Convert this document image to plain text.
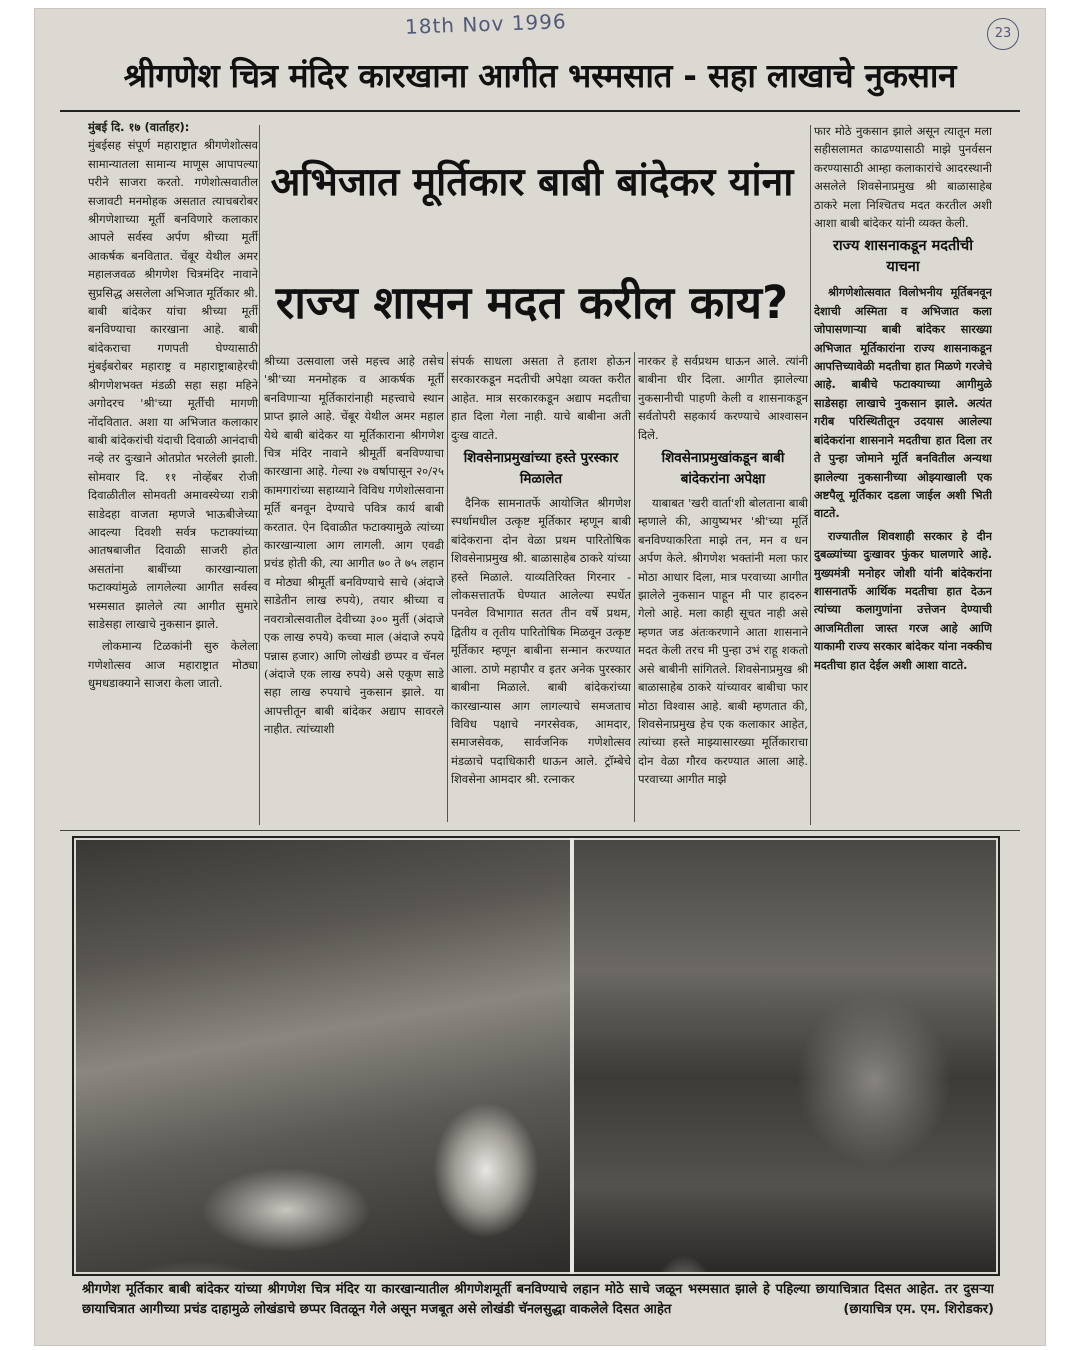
18th Nov 1996	23
श्रीगणेश चित्र मंदिर कारखाना आगीत भस्मसात - सहा लाखाचे नुकसान
मुंबई दि. १७ (वार्ताहर):

मुंबईसह संपूर्ण महाराष्ट्रात श्रीगणेशोत्सव सामान्यातला सामान्य माणूस आपापल्या परीने साजरा करतो. गणेशोत्सवातील सजावटी मनमोहक असतात त्याचबरोबर श्रीगणेशाच्या मूर्ती बनविणारे कलाकार आपले सर्वस्व अर्पण श्रीच्या मूर्ती आकर्षक बनवितात. चेंबूर येथील अमर महालजवळ श्रीगणेश चित्रमंदिर नावाने सुप्रसिद्ध असलेला अभिजात मूर्तिकार श्री. बाबी बांदेकर यांचा श्रीच्या मूर्ती बनविण्याचा कारखाना आहे. बाबी बांदेकराचा गणपती घेण्यासाठी मुंबईबरोबर महाराष्ट्र व महाराष्ट्राबाहेरची श्रीगणेशभक्त मंडळी सहा सहा महिने अगोदरच 'श्री'च्या मूर्तीची मागणी नोंदवितात. अशा या अभिजात कलाकार बाबी बांदेकरांची यंदाची दिवाळी आनंदाची नव्हे तर दुःखाने ओतप्रोत भरलेली झाली. सोमवार दि. ११ नोव्हेंबर रोजी दिवाळीतील सोमवती अमावस्येच्या रात्री साडेदहा वाजता म्हणजे भाऊबीजेच्या आदल्या दिवशी सर्वत्र फटाक्यांच्या आतषबाजीत दिवाळी साजरी होत असतांना बाबींच्या कारखान्याला फटाक्यांमुळे लागलेल्या आगीत सर्वस्व भस्मसात झालेले त्या आगीत सुमारे साडेसहा लाखाचे नुकसान झाले.

लोकमान्य टिळकांनी सुरु केलेला गणेशोत्सव आज महाराष्ट्रात मोठ्या धुमधडाक्याने साजरा केला जातो.

अभिजात मूर्तिकार बाबी बांदेकर यांना
राज्य शासन मदत करील काय?

श्रीच्या उत्सवाला जसे महत्त्व आहे तसेच 'श्री'च्या मनमोहक व आकर्षक मूर्ती बनविणाऱ्या मूर्तिकारांनाही महत्त्वाचे स्थान प्राप्त झाले आहे. चेंबूर येथील अमर महाल येथे बाबी बांदेकर या मूर्तिकाराना श्रीगणेश चित्र मंदिर नावाने श्रीमूर्ती बनविण्याचा कारखाना आहे. गेल्या २७ वर्षापासून २०/२५ कामगारांच्या सहाय्याने विविध गणेशोत्सवाना मूर्ति बनवून देण्याचे पवित्र कार्य बाबी करतात. ऐन दिवाळीत फटाक्यामुळे त्यांच्या कारखान्याला आग लागली. आग एवढी प्रचंड होती की, त्या आगीत ७० ते ७५ लहान व मोठ्या श्रीमूर्ती बनविण्याचे साचे (अंदाजे साडेतीन लाख रुपये), तयार श्रीच्या व नवरात्रोत्सवातील देवीच्या ३०० मुर्ती (अंदाजे एक लाख रुपये) कच्चा माल (अंदाजे रुपये पन्नास हजार) आणि लोखंडी छप्पर व चॅनल (अंदाजे एक लाख रुपये) असे एकूण साडे सहा लाख रुपयाचे नुकसान झाले. या आपत्तीतून बाबी बांदेकर अद्याप सावरले नाहीत. त्यांच्याशी

संपर्क साधला असता ते हताश होऊन सरकारकडून मदतीची अपेक्षा व्यक्त करीत आहेत. मात्र सरकारकडून अद्याप मदतीचा हात दिला गेला नाही. याचे बाबीना अती दुःख वाटते.

शिवसेनाप्रमुखांच्या हस्ते पुरस्कार मिळालेत

दैनिक सामनातर्फे आयोजित श्रीगणेश स्पर्धामधील उत्कृष्ट मूर्तिकार म्हणून बाबी बांदेकराना दोन वेळा प्रथम पारितोषिक शिवसेनाप्रमुख श्री. बाळासाहेब ठाकरे यांच्या हस्ते मिळाले. याव्यतिरिक्त गिरनार - लोकसत्तातर्फे घेण्यात आलेल्या स्पर्धेत पनवेल विभागात सतत तीन वर्षे प्रथम, द्वितीय व तृतीय पारितोषिक मिळवून उत्कृष्ट मूर्तिकार म्हणून बाबीना सन्मान करण्यात आला. ठाणे महापौर व इतर अनेक पुरस्कार बाबीना मिळाले. बाबी बांदेकरांच्या कारखान्यास आग लागल्याचे समजताच विविध पक्षाचे नगरसेवक, आमदार, समाजसेवक, सार्वजनिक गणेशोत्सव मंडळाचे पदाधिकारी धाऊन आले. ट्रॉम्बेचे शिवसेना आमदार श्री. रत्नाकर

नारकर हे सर्वप्रथम धाऊन आले. त्यांनी बाबीना धीर दिला. आगीत झालेल्या नुकसानीची पाहणी केली व शासनाकडून सर्वतोपरी सहकार्य करण्याचे आश्वासन दिले.

शिवसेनाप्रमुखांकडून बाबी बांदेकरांना अपेक्षा

याबाबत 'खरी वार्ता'शी बोलताना बाबी म्हणाले की, आयुष्यभर 'श्री'च्या मूर्ति बनविण्याकरिता माझे तन, मन व धन अर्पण केले. श्रीगणेश भक्तांनी मला फार मोठा आधार दिला, मात्र परवाच्या आगीत झालेले नुकसान पाहून मी पार हादरुन गेलो आहे. मला काही सूचत नाही असे म्हणत जड अंतःकरणाने आता शासनाने मदत केली तरच मी पुन्हा उभं राहू शकतो असे बाबीनी सांगितले. शिवसेनाप्रमुख श्री बाळासाहेब ठाकरे यांच्यावर बाबीचा फार मोठा विश्वास आहे. बाबी म्हणतात की, शिवसेनाप्रमुख हेच एक कलाकार आहेत, त्यांच्या हस्ते माझ्यासारख्या मूर्तिकाराचा दोन वेळा गौरव करण्यात आला आहे. परवाच्या आगीत माझे

फार मोठे नुकसान झाले असून त्यातून मला सहीसलामत काढण्यासाठी माझे पुनर्वसन करण्यासाठी आम्हा कलाकारांचे आदरस्थानी असलेले शिवसेनाप्रमुख श्री बाळासाहेब ठाकरे मला निश्चितच मदत करतील अशी आशा बाबी बांदेकर यांनी व्यक्त केली.

राज्य शासनाकडून मदतीची याचना

श्रीगणेशोत्सवात विलोभनीय मूर्तिबनवून देशाची अस्मिता व अभिजात कला जोपासणाऱ्या बाबी बांदेकर सारख्या अभिजात मूर्तिकारांना राज्य शासनाकडून आपत्तिच्यावेळी मदतीचा हात मिळणे गरजेचे आहे. बाबीचे फटाक्याच्या आगीमुळे साडेसहा लाखाचे नुकसान झाले. अत्यंत गरीब परिस्थितीतून उदयास आलेल्या बांदेकरांना शासनाने मदतीचा हात दिला तर ते पुन्हा जोमाने मूर्ति बनवितील अन्यथा झालेल्या नुकसानीच्या ओझ्याखाली एक अष्टपैलू मूर्तिकार दडला जाईल अशी भिती वाटते.

राज्यातील शिवशाही सरकार हे दीन दुबळ्यांच्या दुःखावर फुंकर घालणारे आहे. मुख्यमंत्री मनोहर जोशी यांनी बांदेकरांना शासनातर्फे आर्थिक मदतीचा हात देऊन त्यांच्या कलागुणांना उत्तेजन देण्याची आजमितीला जास्त गरज आहे आणि याकामी राज्य सरकार बांदेकर यांना नक्कीच मदतीचा हात देईल अशी आशा वाटते.

श्रीगणेश मूर्तिकार बाबी बांदेकर यांच्या श्रीगणेश चित्र मंदिर या कारखान्यातील श्रीगणेशमूर्ती बनविण्याचे लहान मोठे साचे जळून भस्मसात झाले हे पहिल्या छायाचित्रात दिसत आहेत. तर दुसऱ्या छायाचित्रात आगीच्या प्रचंड दाहामुळे लोखंडाचे छप्पर वितळून गेले असून मजबूत असे लोखंडी चॅनलसुद्धा वाकलेले दिसत आहेत	(छायाचित्र एम. एम. शिरोडकर)
